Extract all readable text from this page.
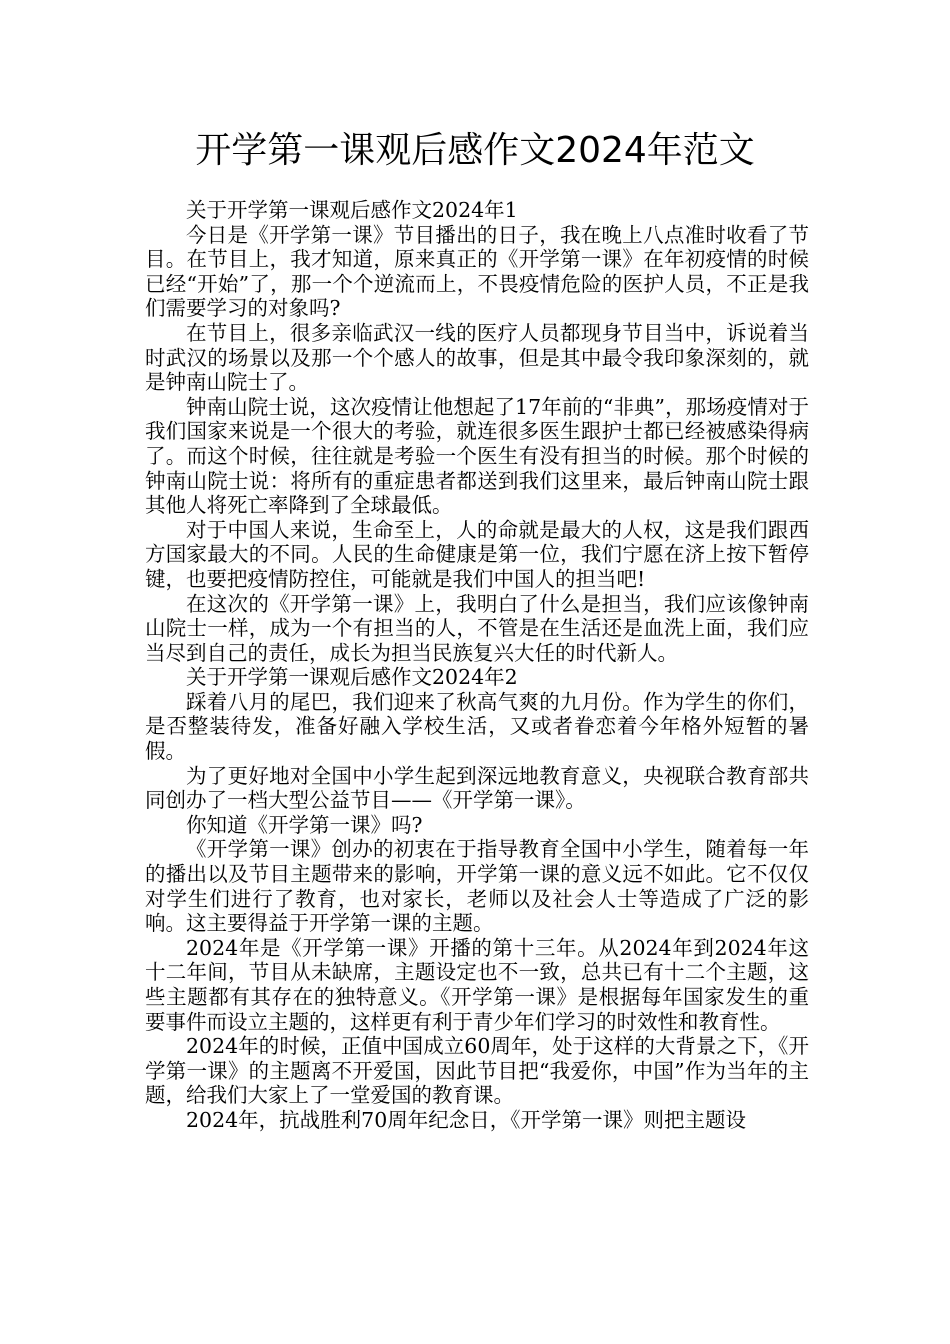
开学第一课观后感作文2024年范文

关于开学第一课观后感作文2024年1

今日是《开学第一课》节目播出的日子，我在晚上八点准时收看了节目。在节目上，我才知道，原来真正的《开学第一课》在年初疫情的时候已经“开始”了，那一个个逆流而上，不畏疫情危险的医护人员，不正是我们需要学习的对象吗?

在节目上，很多亲临武汉一线的医疗人员都现身节目当中，诉说着当时武汉的场景以及那一个个感人的故事，但是其中最令我印象深刻的，就是钟南山院士了。

钟南山院士说，这次疫情让他想起了17年前的“非典”，那场疫情对于我们国家来说是一个很大的考验，就连很多医生跟护士都已经被感染得病了。而这个时候，往往就是考验一个医生有没有担当的时候。那个时候的钟南山院士说：将所有的重症患者都送到我们这里来，最后钟南山院士跟其他人将死亡率降到了全球最低。

对于中国人来说，生命至上，人的命就是最大的人权，这是我们跟西方国家最大的不同。人民的生命健康是第一位，我们宁愿在济上按下暂停键，也要把疫情防控住，可能就是我们中国人的担当吧!

在这次的《开学第一课》上，我明白了什么是担当，我们应该像钟南山院士一样，成为一个有担当的人，不管是在生活还是血洗上面，我们应当尽到自己的责任，成长为担当民族复兴大任的时代新人。

关于开学第一课观后感作文2024年2

踩着八月的尾巴，我们迎来了秋高气爽的九月份。作为学生的你们，是否整装待发，准备好融入学校生活，又或者眷恋着今年格外短暂的暑假。

为了更好地对全国中小学生起到深远地教育意义，央视联合教育部共同创办了一档大型公益节目——《开学第一课》。

你知道《开学第一课》吗?

《开学第一课》创办的初衷在于指导教育全国中小学生，随着每一年的播出以及节目主题带来的影响，开学第一课的意义远不如此。它不仅仅对学生们进行了教育，也对家长，老师以及社会人士等造成了广泛的影响。这主要得益于开学第一课的主题。

2024年是《开学第一课》开播的第十三年。从2024年到2024年这十二年间，节目从未缺席，主题设定也不一致，总共已有十二个主题，这些主题都有其存在的独特意义。《开学第一课》是根据每年国家发生的重要事件而设立主题的，这样更有利于青少年们学习的时效性和教育性。

2024年的时候，正值中国成立60周年，处于这样的大背景之下，《开学第一课》的主题离不开爱国，因此节目把“我爱你，中国”作为当年的主题，给我们大家上了一堂爱国的教育课。

2024年，抗战胜利70周年纪念日，《开学第一课》则把主题设
